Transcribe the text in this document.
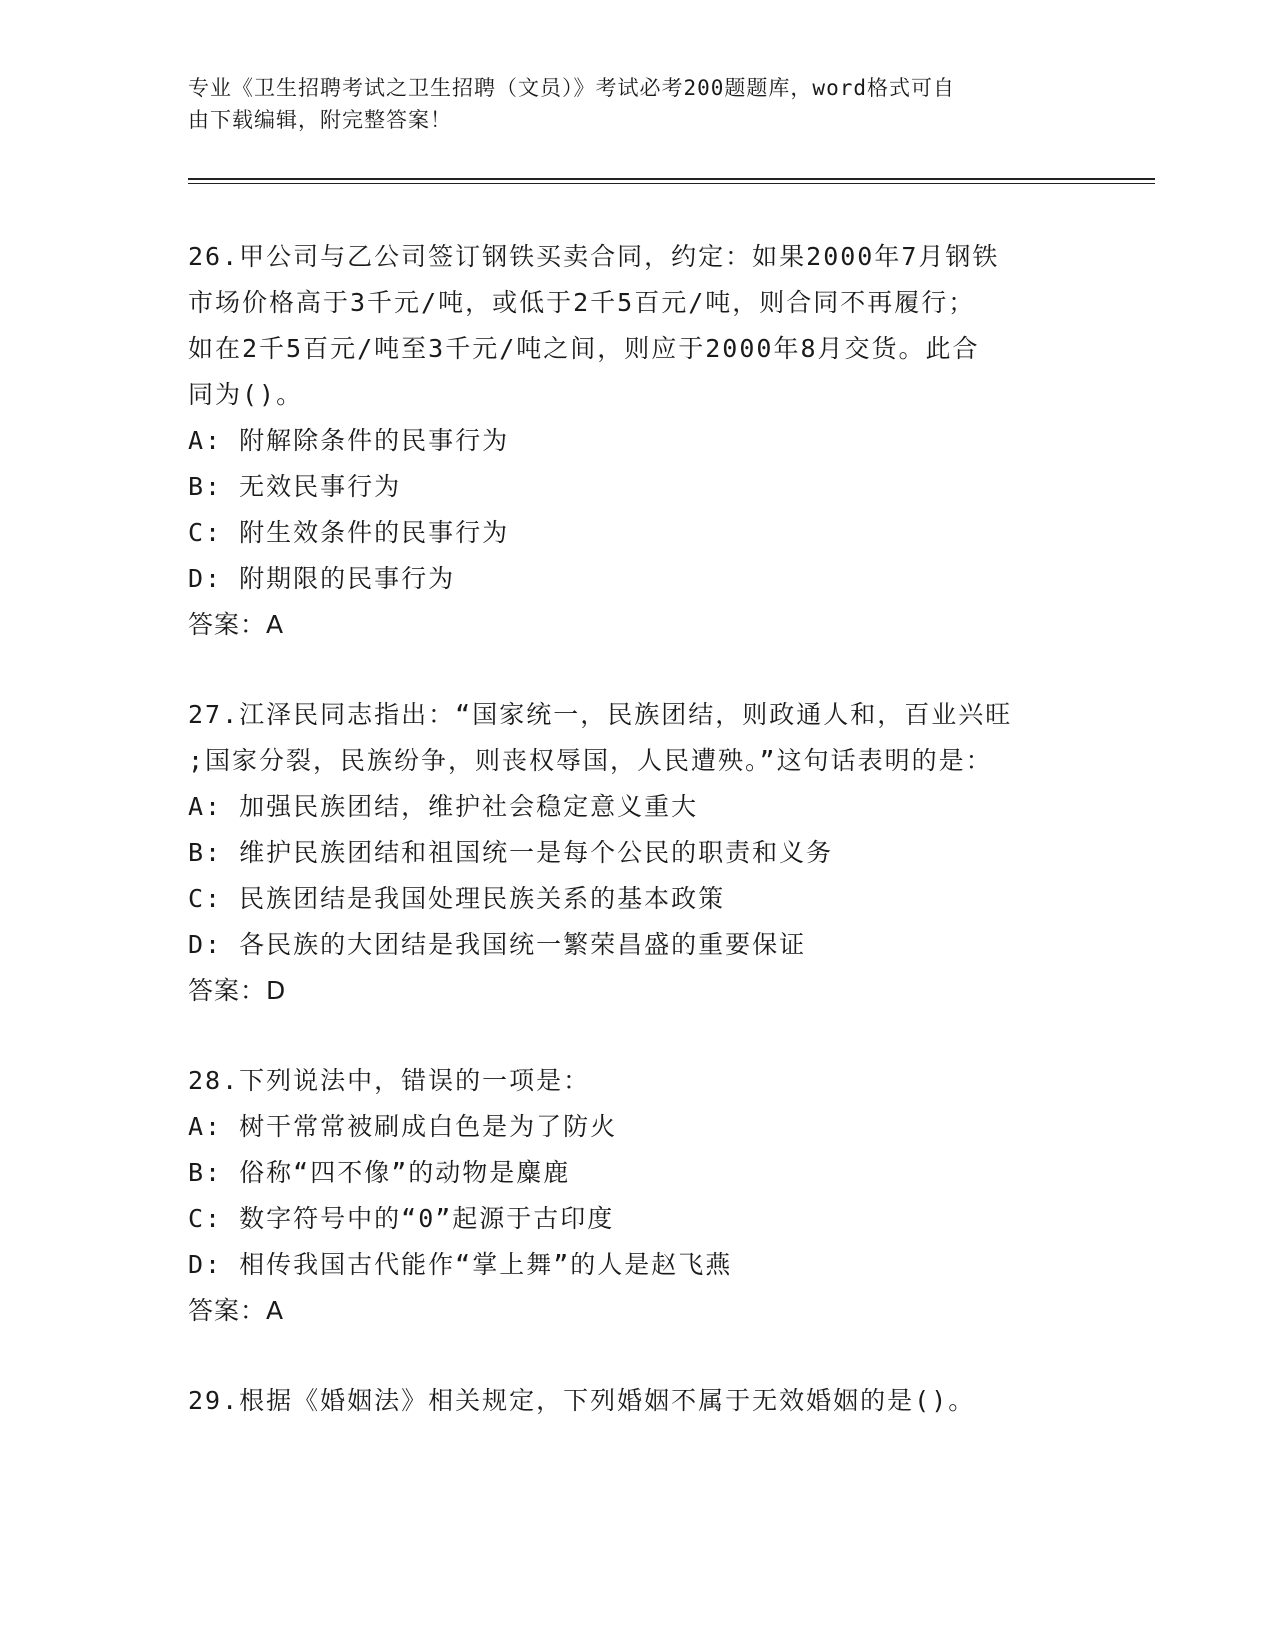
专业《卫生招聘考试之卫生招聘（文员）》考试必考200题题库，word格式可自
由下载编辑，附完整答案！
26.甲公司与乙公司签订钢铁买卖合同，约定：如果2000年7月钢铁
市场价格高于3千元/吨，或低于2千5百元/吨，则合同不再履行；
如在2千5百元/吨至3千元/吨之间，则应于2000年8月交货。此合
同为()。
A: 附解除条件的民事行为
B: 无效民事行为
C: 附生效条件的民事行为
D: 附期限的民事行为
答案：A
27.江泽民同志指出：“国家统一，民族团结，则政通人和，百业兴旺
;国家分裂，民族纷争，则丧权辱国，人民遭殃。”这句话表明的是：
A: 加强民族团结，维护社会稳定意义重大
B: 维护民族团结和祖国统一是每个公民的职责和义务
C: 民族团结是我国处理民族关系的基本政策
D: 各民族的大团结是我国统一繁荣昌盛的重要保证
答案：D
28.下列说法中，错误的一项是：
A: 树干常常被刷成白色是为了防火
B: 俗称“四不像”的动物是麋鹿
C: 数字符号中的“0”起源于古印度
D: 相传我国古代能作“掌上舞”的人是赵飞燕
答案：A
29.根据《婚姻法》相关规定，下列婚姻不属于无效婚姻的是()。
